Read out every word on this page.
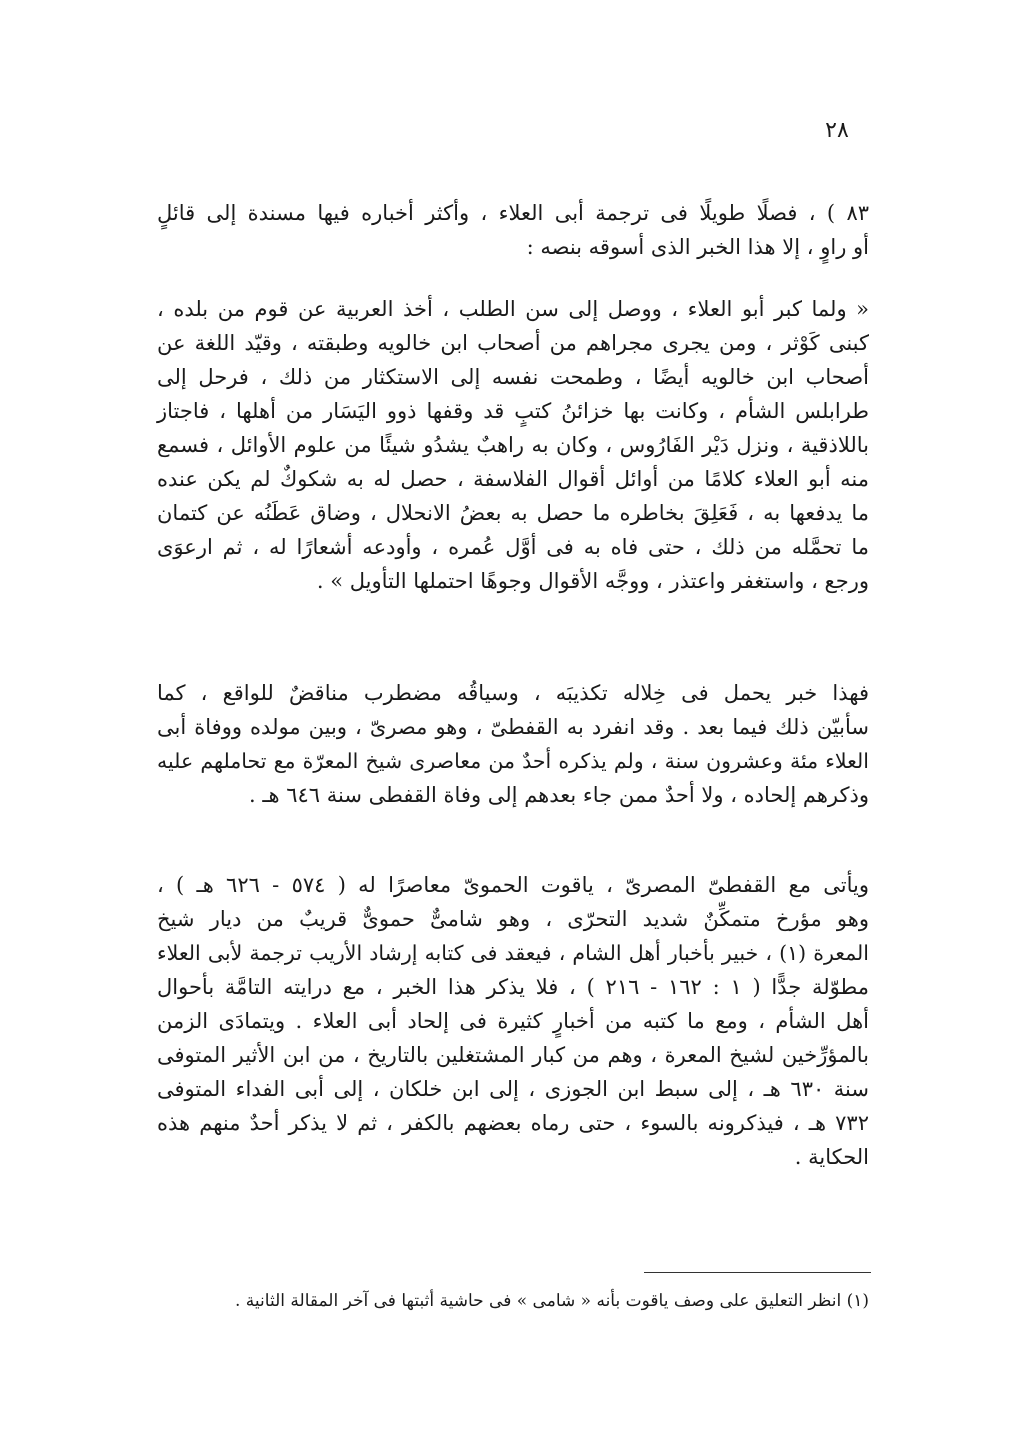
٢٨
٨٣ ) ، فصلًا طويلًا فى ترجمة أبى العلاء ، وأكثر أخباره فيها مسندة إلى قائلٍ
أو راوٍ ، إلا هذا الخبر الذى أسوقه بنصه :
« ولما كبر أبو العلاء ، ووصل إلى سن الطلب ، أخذ العربية عن قوم من بلده ،
كبنى كَوْثر ، ومن يجرى مجراهم من أصحاب ابن خالويه وطبقته ، وقيّد اللغة عن
أصحاب ابن خالويه أيضًا ، وطمحت نفسه إلى الاستكثار من ذلك ، فرحل إلى
طرابلس الشأم ، وكانت بها خزائنُ كتبٍ قد وقفها ذوو اليَسَار من أهلها ، فاجتاز
باللاذقية ، ونزل دَيْر الفَارُوس ، وكان به راهبٌ يشدُو شيئًا من علوم الأوائل ، فسمع
منه أبو العلاء كلامًا من أوائل أقوال الفلاسفة ، حصل له به شكوكٌ لم يكن عنده
ما يدفعها به ، فَعَلِقَ بخاطره ما حصل به بعضُ الانحلال ، وضاق عَطَنُه عن كتمان
ما تحمَّله من ذلك ، حتى فاه به فى أوَّل عُمره ، وأودعه أشعارًا له ، ثم ارعوَى
ورجع ، واستغفر واعتذر ، ووجَّه الأقوال وجوهًا احتملها التأويل » .
فهذا خبر يحمل فى خِلاله تكذيبَه ، وسياقُه مضطرب مناقضٌ للواقع ، كما
سأبيّن ذلك فيما بعد . وقد انفرد به القفطىّ ، وهو مصرىّ ، وبين مولده ووفاة أبى
العلاء مئة وعشرون سنة ، ولم يذكره أحدٌ من معاصرى شيخ المعرّة مع تحاملهم عليه
وذكرهم إلحاده ، ولا أحدٌ ممن جاء بعدهم إلى وفاة القفطى سنة ٦٤٦ هـ .
ويأتى مع القفطىّ المصرىّ ، ياقوت الحموىّ معاصرًا له ( ٥٧٤ - ٦٢٦ هـ ) ،
وهو مؤرخ متمكِّنٌ شديد التحرّى ، وهو شامىٌّ حموىٌّ قريبٌ من ديار شيخ
المعرة (١) ، خبير بأخبار أهل الشام ، فيعقد فى كتابه إرشاد الأريب ترجمة لأبى العلاء
مطوّلة جدًّا ( ١ : ١٦٢ - ٢١٦ ) ، فلا يذكر هذا الخبر ، مع درايته التامَّة بأحوال
أهل الشأم ، ومع ما كتبه من أخبارٍ كثيرة فى إلحاد أبى العلاء . ويتمادَى الزمن
بالمؤرِّخين لشيخ المعرة ، وهم من كبار المشتغلين بالتاريخ ، من ابن الأثير المتوفى
سنة ٦٣٠ هـ ، إلى سبط ابن الجوزى ، إلى ابن خلكان ، إلى أبى الفداء المتوفى
٧٣٢ هـ ، فيذكرونه بالسوء ، حتى رماه بعضهم بالكفر ، ثم لا يذكر أحدٌ منهم هذه
الحكاية .
(١) انظر التعليق على وصف ياقوت بأنه « شامى » فى حاشية أثبتها فى آخر المقالة الثانية .
